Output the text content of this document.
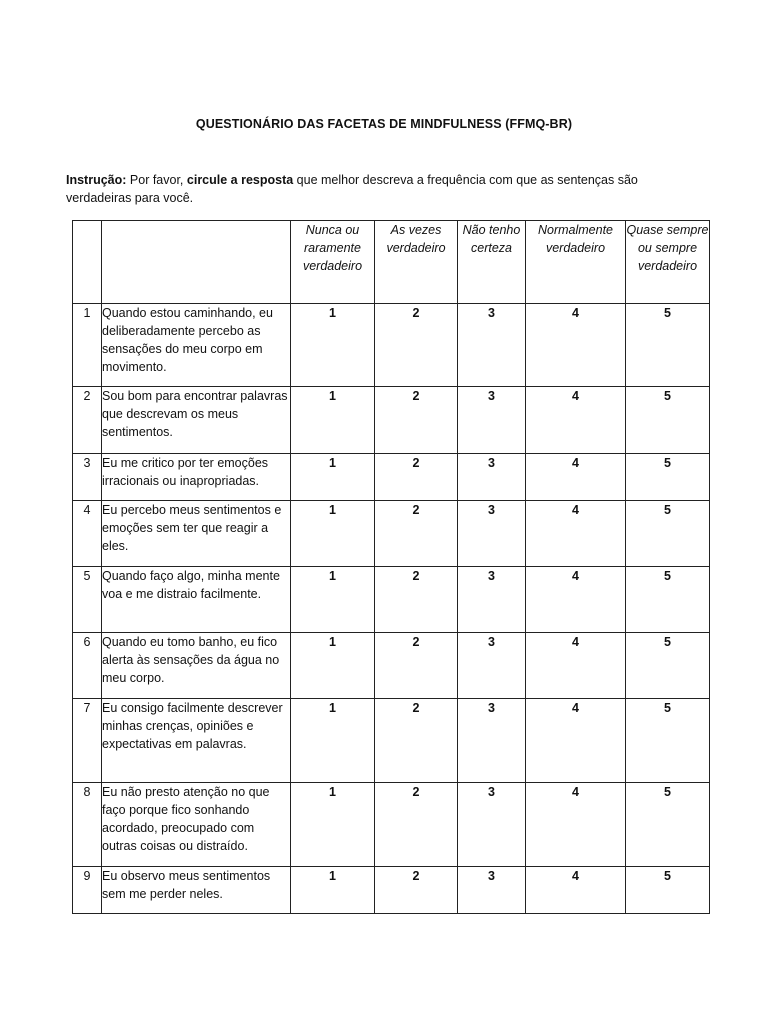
QUESTIONÁRIO DAS FACETAS DE MINDFULNESS (FFMQ-BR)
Instrução: Por favor, circule a resposta que melhor descreva a frequência com que as sentenças são verdadeiras para você.
		Nunca ou raramente verdadeiro	As vezes verdadeiro	Não tenho certeza	Normalmente verdadeiro	Quase sempre ou sempre verdadeiro
1	Quando estou caminhando, eu deliberadamente percebo as sensações do meu corpo em movimento.	1	2	3	4	5
2	Sou bom para encontrar palavras que descrevam os meus sentimentos.	1	2	3	4	5
3	Eu me critico por ter emoções irracionais ou inapropriadas.	1	2	3	4	5
4	Eu percebo meus sentimentos e emoções sem ter que reagir a eles.	1	2	3	4	5
5	Quando faço algo, minha mente voa e me distraio facilmente.	1	2	3	4	5
6	Quando eu tomo banho, eu fico alerta às sensações da água no meu corpo.	1	2	3	4	5
7	Eu consigo facilmente descrever minhas crenças, opiniões e expectativas em palavras.	1	2	3	4	5
8	Eu não presto atenção no que faço porque fico sonhando acordado, preocupado com outras coisas ou distraído.	1	2	3	4	5
9	Eu observo meus sentimentos sem me perder neles.	1	2	3	4	5
